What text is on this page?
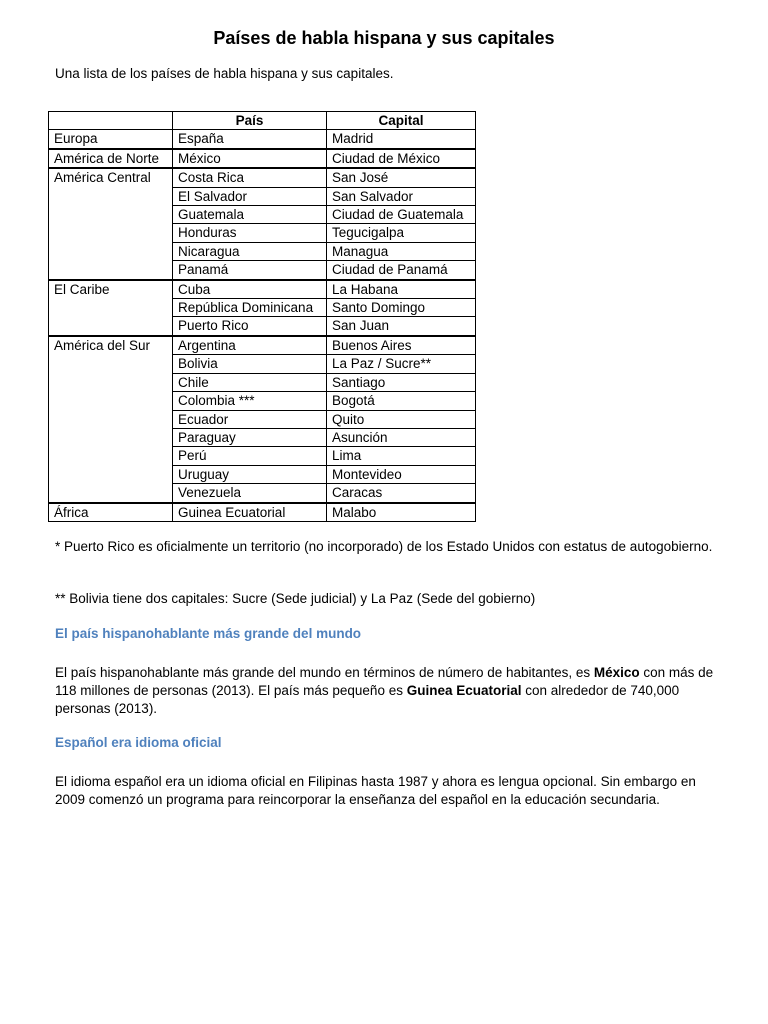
Países de habla hispana y sus capitales
Una lista de los países de habla hispana y sus capitales.
	País	Capital
Europa	España	Madrid
América de Norte	México	Ciudad de México
América Central	Costa Rica	San José
	El Salvador	San Salvador
	Guatemala	Ciudad de Guatemala
	Honduras	Tegucigalpa
	Nicaragua	Managua
	Panamá	Ciudad de Panamá
El Caribe	Cuba	La Habana
	República Dominicana	Santo Domingo
	Puerto Rico	San Juan
América del Sur	Argentina	Buenos Aires
	Bolivia	La Paz / Sucre**
	Chile	Santiago
	Colombia ***	Bogotá
	Ecuador	Quito
	Paraguay	Asunción
	Perú	Lima
	Uruguay	Montevideo
	Venezuela	Caracas
África	Guinea Ecuatorial	Malabo
* Puerto Rico es oficialmente un territorio (no incorporado) de los Estado Unidos con estatus de autogobierno.
** Bolivia tiene dos capitales: Sucre (Sede judicial) y La Paz (Sede del gobierno)
El país hispanohablante más grande del mundo
El país hispanohablante más grande del mundo en términos de número de habitantes, es México con más de 118 millones de personas (2013). El país más pequeño es Guinea Ecuatorial con alrededor de 740,000 personas (2013).
Español era idioma oficial
El idioma español era un idioma oficial en Filipinas hasta 1987 y ahora es lengua opcional. Sin embargo en 2009 comenzó un programa para reincorporar la enseñanza del español en la educación secundaria.
